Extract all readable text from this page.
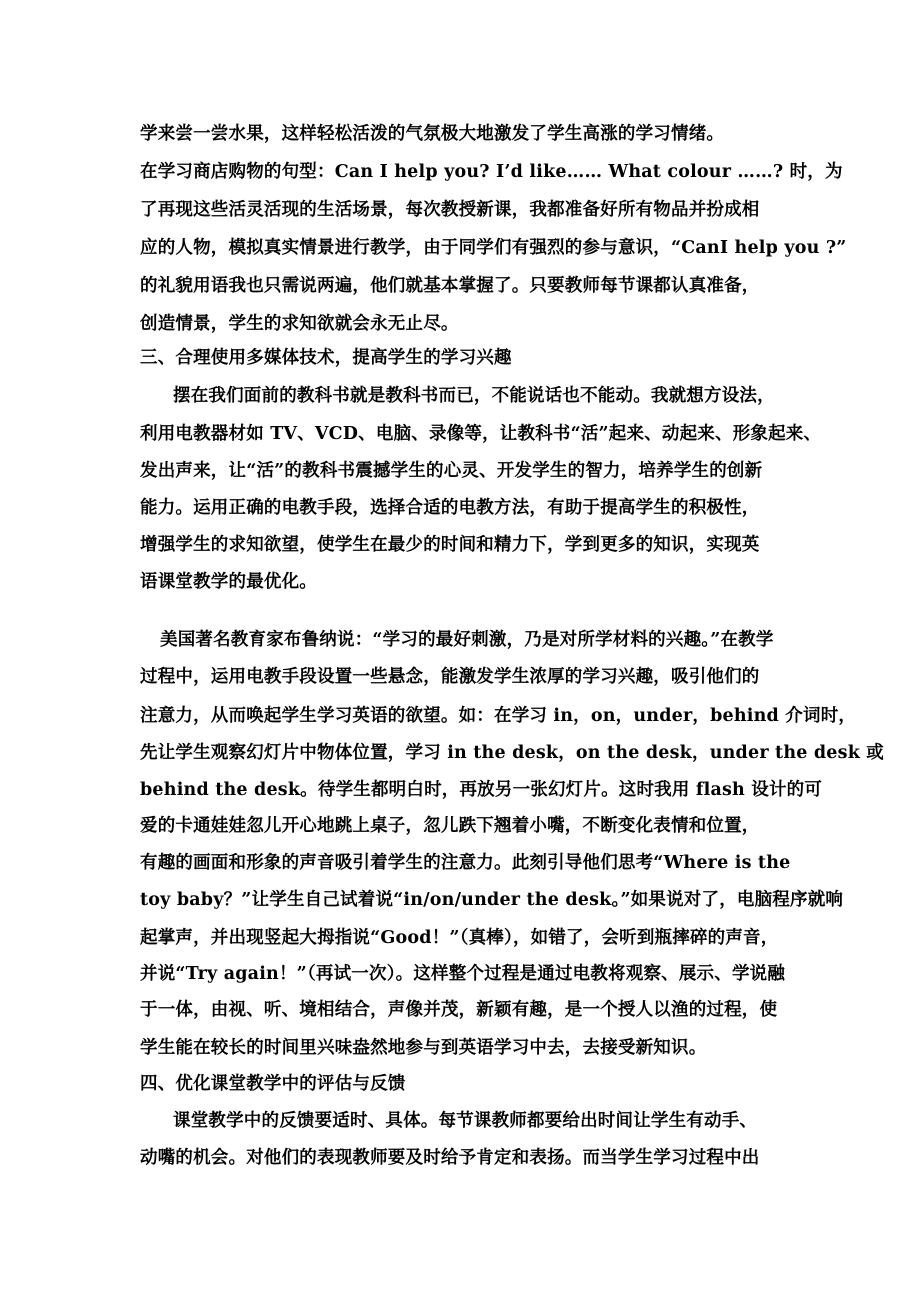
学来尝一尝水果，这样轻松活泼的气氛极大地激发了学生高涨的学习情绪。
在学习商店购物的句型：Can I help you? I’d like…… What colour ……? 时，为
了再现这些活灵活现的生活场景，每次教授新课，我都准备好所有物品并扮成相
应的人物，模拟真实情景进行教学，由于同学们有强烈的参与意识，“CanI help you ?”
的礼貌用语我也只需说两遍，他们就基本掌握了。只要教师每节课都认真准备，
创造情景，学生的求知欲就会永无止尽。
三、合理使用多媒体技术，提高学生的学习兴趣
摆在我们面前的教科书就是教科书而已，不能说话也不能动。我就想方设法，
利用电教器材如 TV、VCD、电脑、录像等，让教科书“活”起来、动起来、形象起来、
发出声来，让“活”的教科书震撼学生的心灵、开发学生的智力，培养学生的创新
能力。运用正确的电教手段，选择合适的电教方法，有助于提高学生的积极性，
增强学生的求知欲望，使学生在最少的时间和精力下，学到更多的知识，实现英
语课堂教学的最优化。
美国著名教育家布鲁纳说：“学习的最好刺激，乃是对所学材料的兴趣。”在教学
过程中，运用电教手段设置一些悬念，能激发学生浓厚的学习兴趣，吸引他们的
注意力，从而唤起学生学习英语的欲望。如：在学习 in，on，under，behind 介词时，
先让学生观察幻灯片中物体位置，学习 in the desk，on the desk，under the desk 或
behind the desk。待学生都明白时，再放另一张幻灯片。这时我用 flash 设计的可
爱的卡通娃娃忽儿开心地跳上桌子，忽儿跌下翘着小嘴，不断变化表情和位置，
有趣的画面和形象的声音吸引着学生的注意力。此刻引导他们思考“Where is the
toy baby？”让学生自己试着说“in/on/under the desk。”如果说对了，电脑程序就响
起掌声，并出现竖起大拇指说“Good！”（真棒），如错了，会听到瓶摔碎的声音，
并说“Try again！”（再试一次）。这样整个过程是通过电教将观察、展示、学说融
于一体，由视、听、境相结合，声像并茂，新颖有趣，是一个授人以渔的过程，使
学生能在较长的时间里兴味盎然地参与到英语学习中去，去接受新知识。
四、优化课堂教学中的评估与反馈
课堂教学中的反馈要适时、具体。每节课教师都要给出时间让学生有动手、
动嘴的机会。对他们的表现教师要及时给予肯定和表扬。而当学生学习过程中出
